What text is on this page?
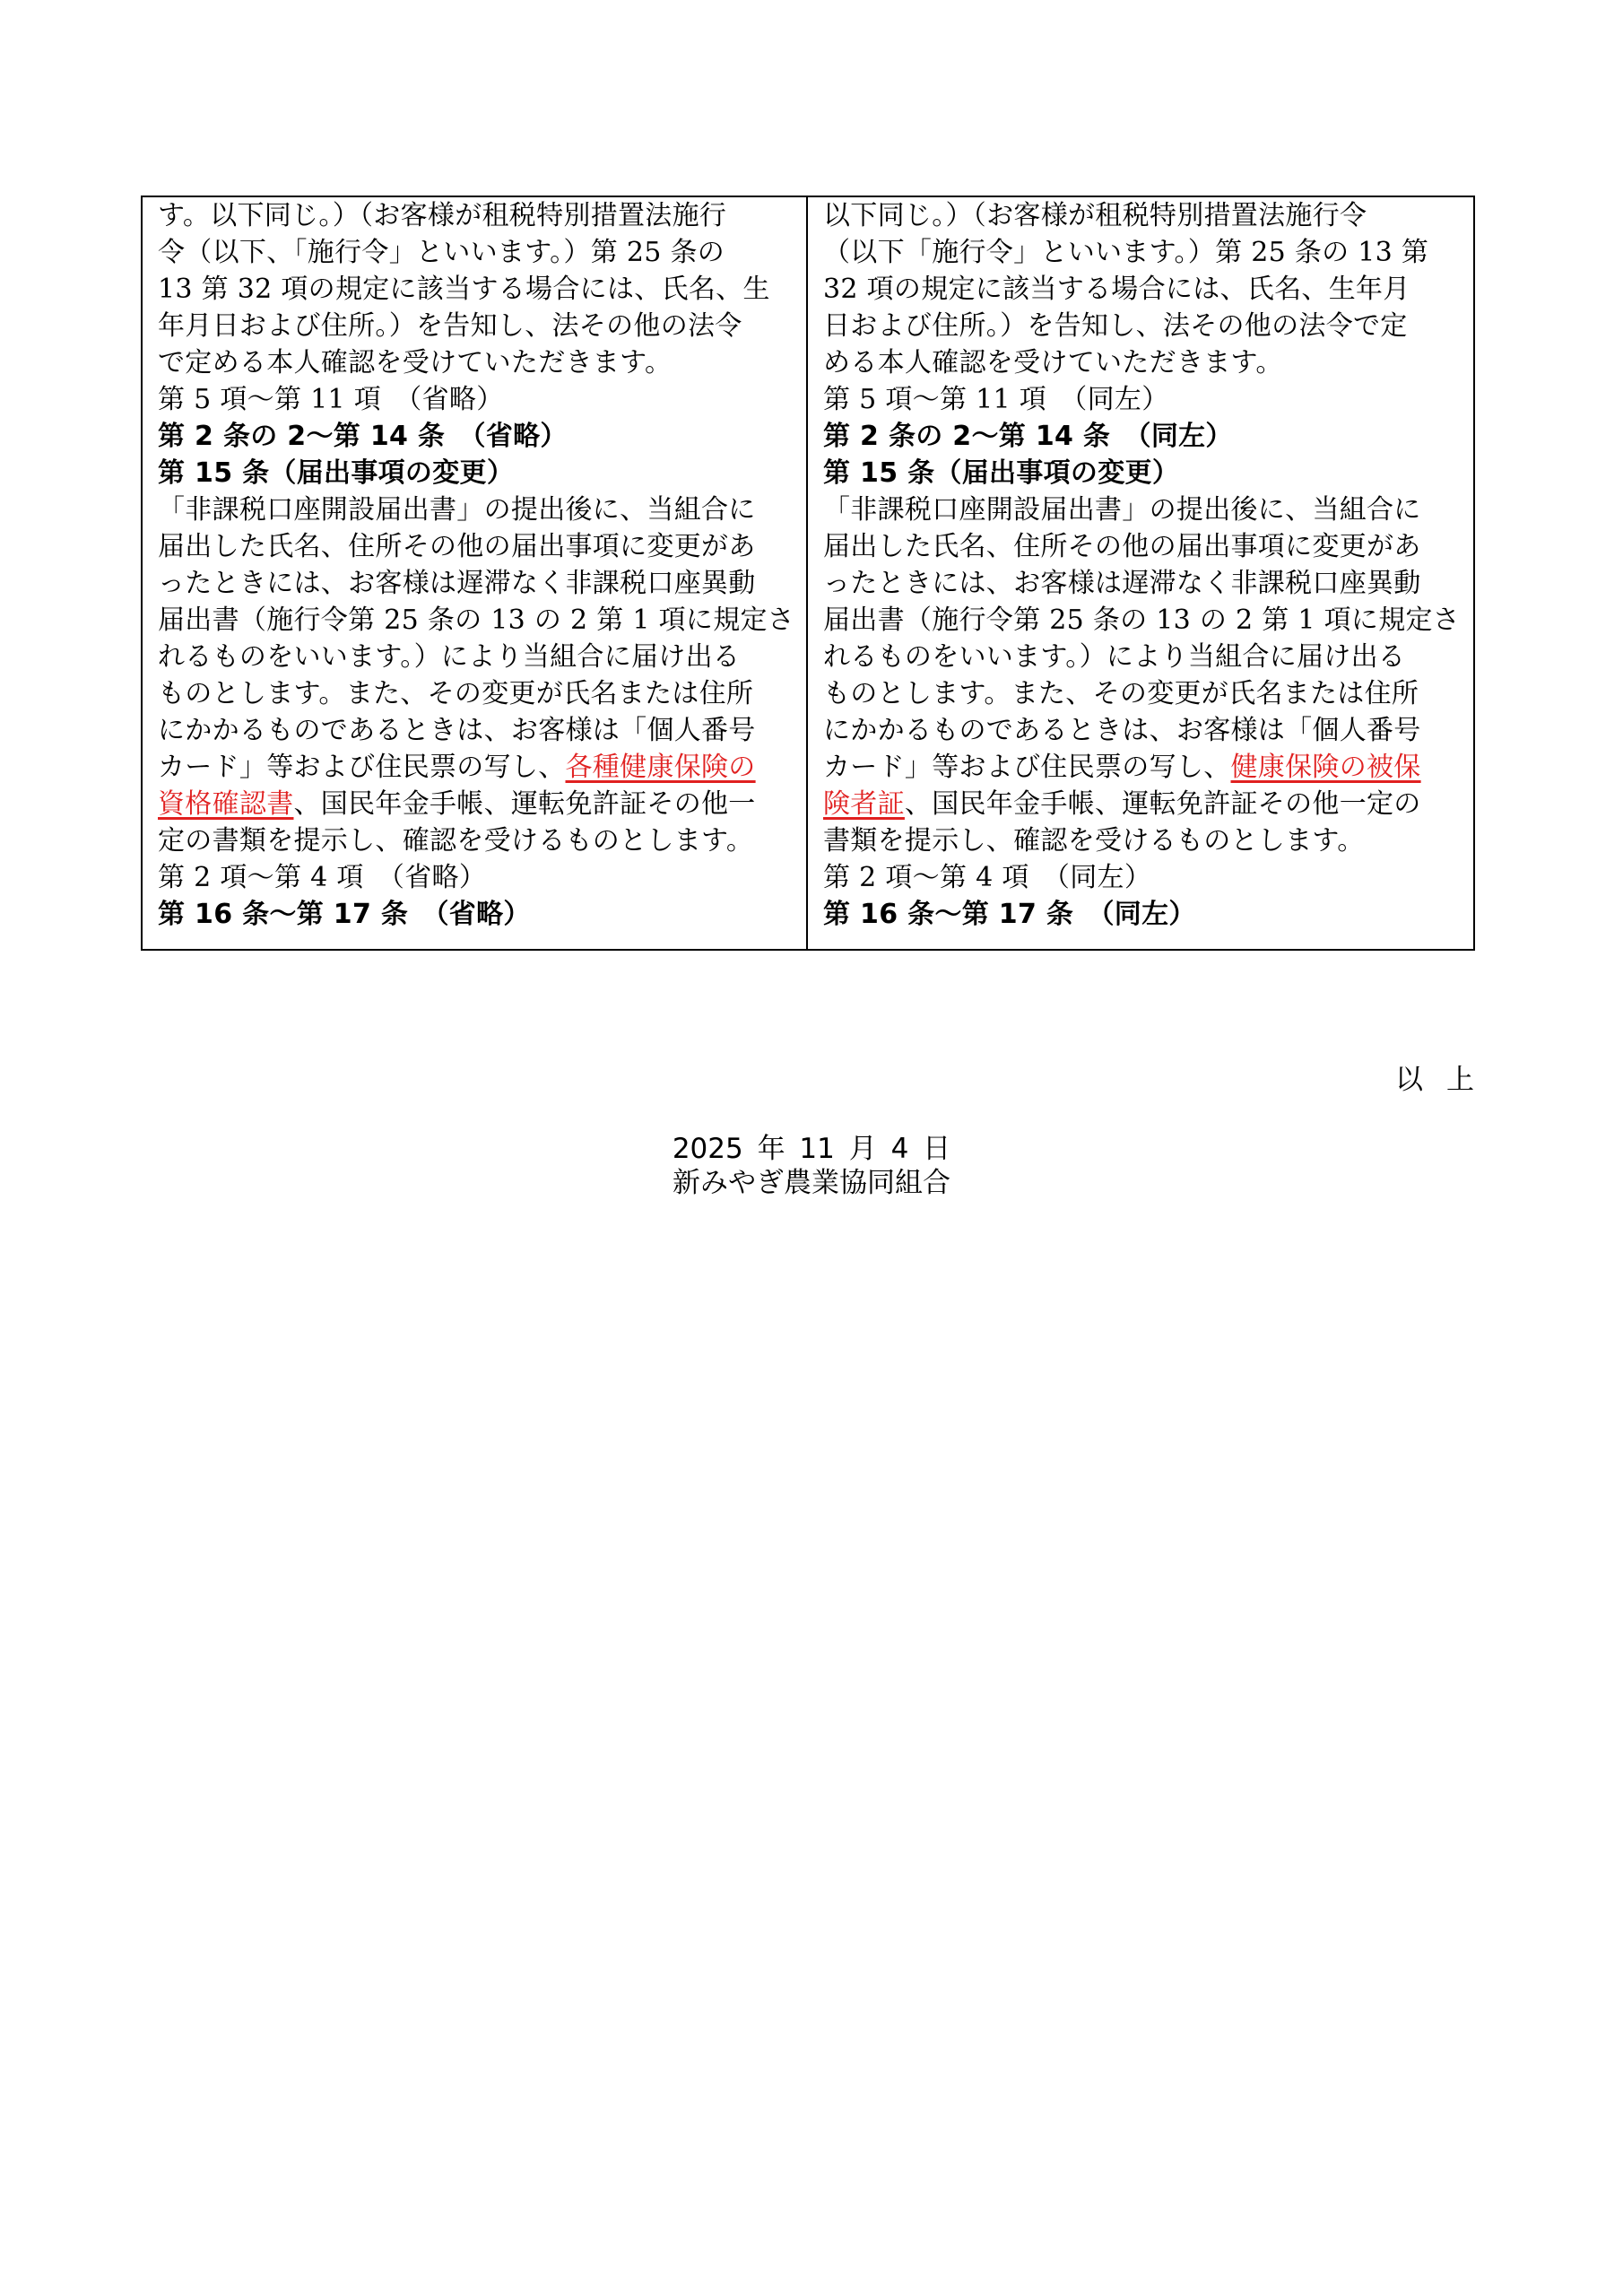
す。以下同じ。）（お客様が租税特別措置法施行
令（以下、「施行令」といいます。）第 25 条の
13 第 32 項の規定に該当する場合には、氏名、生
年月日および住所。）を告知し、法その他の法令
で定める本人確認を受けていただきます。
第 5 項～第 11 項　（省略）
第 2 条の 2～第 14 条　（省略）
第 15 条（届出事項の変更）
「非課税口座開設届出書」の提出後に、当組合に
届出した氏名、住所その他の届出事項に変更があ
ったときには、お客様は遅滞なく非課税口座異動
届出書（施行令第 25 条の 13 の 2 第 1 項に規定さ
れるものをいいます。）により当組合に届け出る
ものとします。また、その変更が氏名または住所
にかかるものであるときは、お客様は「個人番号
カード」等および住民票の写し、各種健康保険の
資格確認書、国民年金手帳、運転免許証その他一
定の書類を提示し、確認を受けるものとします。
第 2 項～第 4 項　（省略）
第 16 条～第 17 条　（省略）
以下同じ。）（お客様が租税特別措置法施行令
（以下「施行令」といいます。）第 25 条の 13 第
32 項の規定に該当する場合には、氏名、生年月
日および住所。）を告知し、法その他の法令で定
める本人確認を受けていただきます。
第 5 項～第 11 項　（同左）
第 2 条の 2～第 14 条　（同左）
第 15 条（届出事項の変更）
「非課税口座開設届出書」の提出後に、当組合に
届出した氏名、住所その他の届出事項に変更があ
ったときには、お客様は遅滞なく非課税口座異動
届出書（施行令第 25 条の 13 の 2 第 1 項に規定さ
れるものをいいます。）により当組合に届け出る
ものとします。また、その変更が氏名または住所
にかかるものであるときは、お客様は「個人番号
カード」等および住民票の写し、健康保険の被保
険者証、国民年金手帳、運転免許証その他一定の
書類を提示し、確認を受けるものとします。
第 2 項～第 4 項　（同左）
第 16 条～第 17 条　（同左）
以上
2025 年 11 月 4 日
新みやぎ農業協同組合
